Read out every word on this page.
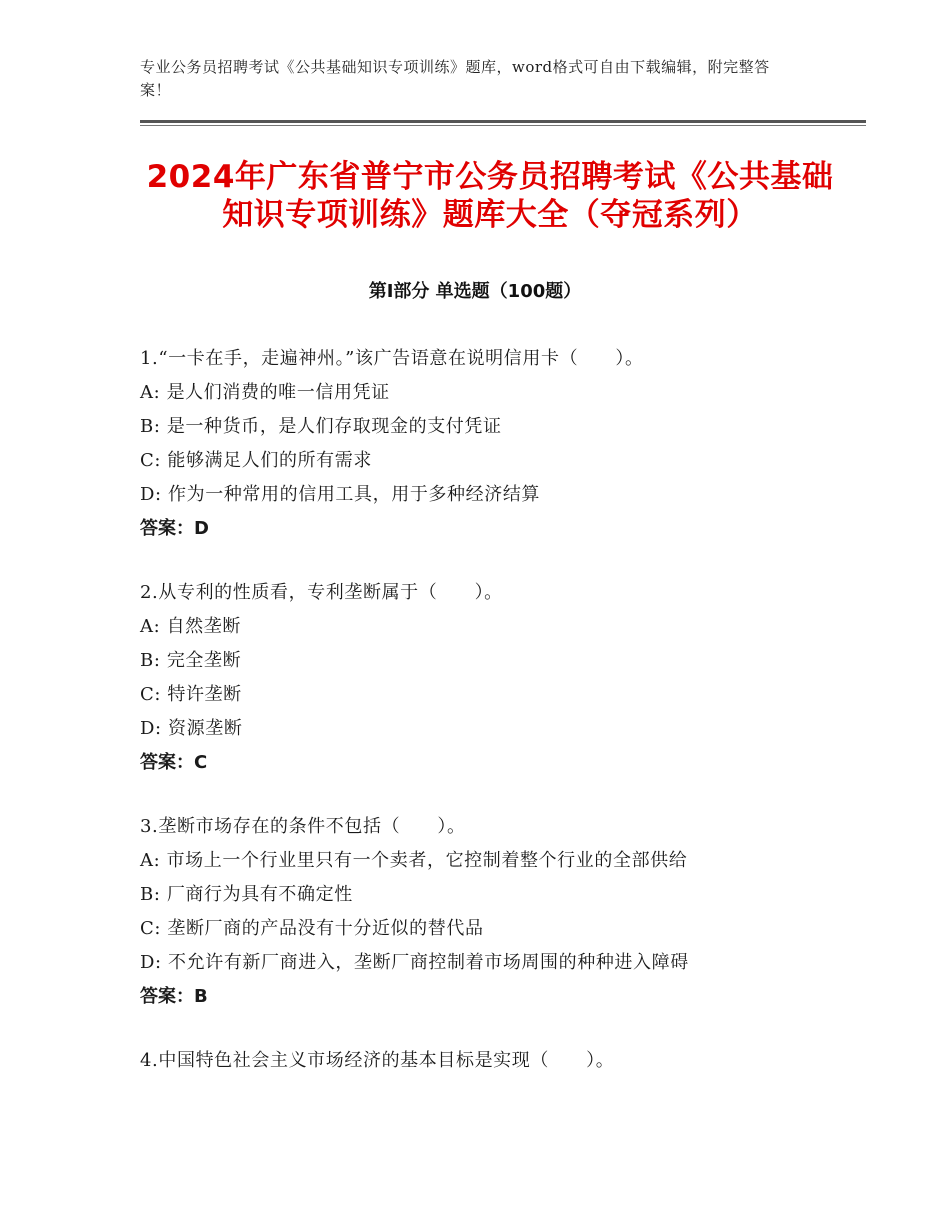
专业公务员招聘考试《公共基础知识专项训练》题库，word格式可自由下载编辑，附完整答案！
2024年广东省普宁市公务员招聘考试《公共基础知识专项训练》题库大全（夺冠系列）
第Ⅰ部分 单选题（100题）
1.“一卡在手，走遍神州。”该广告语意在说明信用卡（　　）。
A: 是人们消费的唯一信用凭证
B: 是一种货币，是人们存取现金的支付凭证
C: 能够满足人们的所有需求
D: 作为一种常用的信用工具，用于多种经济结算
答案：D
2.从专利的性质看，专利垄断属于（　　）。
A: 自然垄断
B: 完全垄断
C: 特许垄断
D: 资源垄断
答案：C
3.垄断市场存在的条件不包括（　　）。
A: 市场上一个行业里只有一个卖者，它控制着整个行业的全部供给
B: 厂商行为具有不确定性
C: 垄断厂商的产品没有十分近似的替代品
D: 不允许有新厂商进入，垄断厂商控制着市场周围的种种进入障碍
答案：B
4.中国特色社会主义市场经济的基本目标是实现（　　）。
